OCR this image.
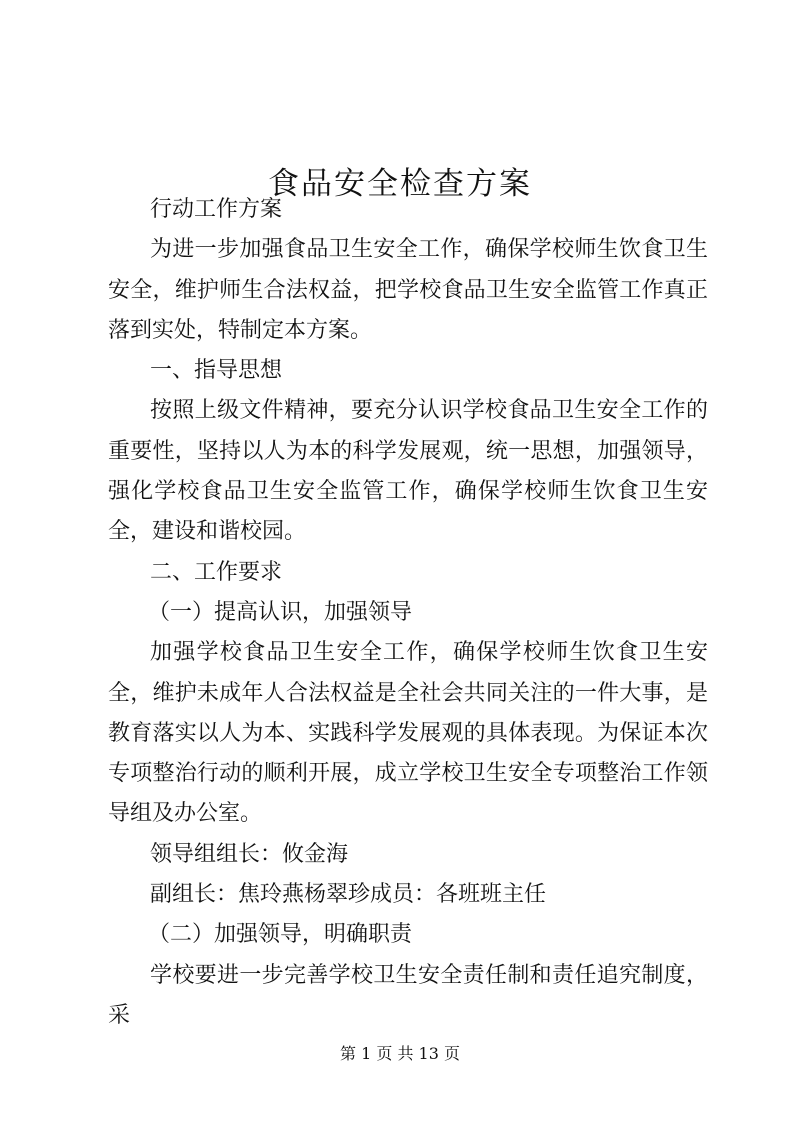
食品安全检查方案

行动工作方案

为进一步加强食品卫生安全工作，确保学校师生饮食卫生安全，维护师生合法权益，把学校食品卫生安全监管工作真正落到实处，特制定本方案。

一、指导思想

按照上级文件精神，要充分认识学校食品卫生安全工作的重要性，坚持以人为本的科学发展观，统一思想，加强领导，强化学校食品卫生安全监管工作，确保学校师生饮食卫生安全，建设和谐校园。

二、工作要求

（一）提高认识，加强领导

加强学校食品卫生安全工作，确保学校师生饮食卫生安全，维护未成年人合法权益是全社会共同关注的一件大事，是教育落实以人为本、实践科学发展观的具体表现。为保证本次专项整治行动的顺利开展，成立学校卫生安全专项整治工作领导组及办公室。

领导组组长：攸金海

副组长：焦玲燕杨翠珍成员：各班班主任

（二）加强领导，明确职责

学校要进一步完善学校卫生安全责任制和责任追究制度，采

第 1 页 共 13 页
